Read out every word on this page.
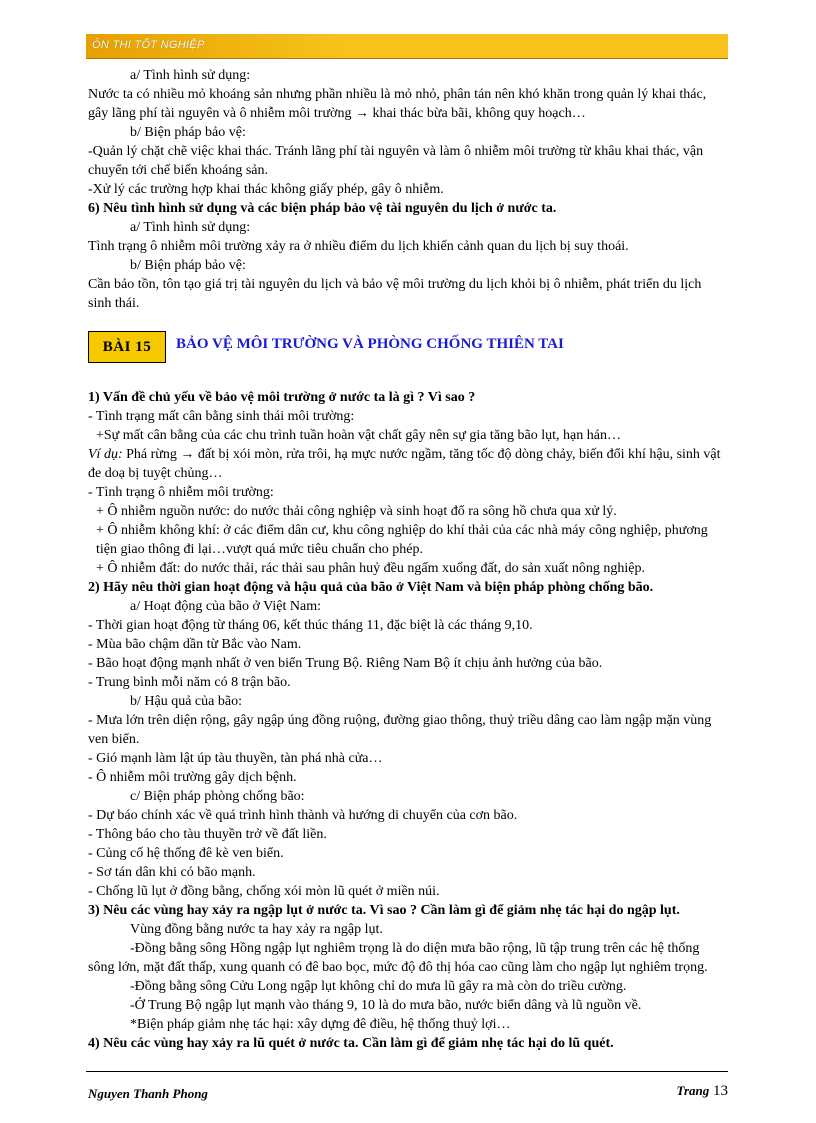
ÔN THI TỐT NGHIỆP

a/ Tình hình sử dụng:

Nước ta có nhiều mỏ khoáng sản nhưng phần nhiều là mỏ nhỏ, phân tán nên khó khăn trong quản lý khai thác, gây lãng phí tài nguyên và ô nhiễm môi trường → khai thác bừa bãi, không quy hoạch…

b/ Biện pháp bảo vệ:

-Quản lý chặt chẽ việc khai thác. Tránh lãng phí tài nguyên và làm ô nhiễm môi trường từ khâu khai thác, vận chuyển tới chế biến khoáng sản.

-Xử lý các trường hợp khai thác không giấy phép, gây ô nhiễm.

6) Nêu tình hình sử dụng và các biện pháp bảo vệ tài nguyên du lịch ở nước ta.

a/ Tình hình sử dụng:

Tình trạng ô nhiễm môi trường xảy ra ở nhiều điểm du lịch khiến cảnh quan du lịch bị suy thoái.

b/ Biện pháp bảo vệ:

Cần bảo tồn, tôn tạo giá trị tài nguyên du lịch và bảo vệ môi trường du lịch khỏi bị ô nhiễm, phát triển du lịch sinh thái.

BÀI 15	BẢO VỆ MÔI TRƯỜNG VÀ PHÒNG CHỐNG THIÊN TAI

1) Vấn đề chủ yếu về bảo vệ môi trường ở nước ta là gì ? Vì sao ?

- Tình trạng mất cân bằng sinh thái môi trường:

+Sự mất cân bằng của các chu trình tuần hoàn vật chất gây nên sự gia tăng bão lụt, hạn hán…

Ví dụ: Phá rừng → đất bị xói mòn, rửa trôi, hạ mực nước ngầm, tăng tốc độ dòng chảy, biến đổi khí hậu, sinh vật đe doạ bị tuyệt chủng…

- Tình trạng ô nhiễm môi trường:

+ Ô nhiễm nguồn nước: do nước thải công nghiệp và sinh hoạt đổ ra sông hồ chưa qua xử lý.

+ Ô nhiễm không khí: ở các điểm dân cư, khu công nghiệp do khí thải của các nhà máy công nghiệp, phương tiện giao thông đi lại…vượt quá mức tiêu chuẩn cho phép.

+ Ô nhiễm đất: do nước thải, rác thải sau phân huỷ đều ngấm xuống đất, do sản xuất nông nghiệp.

2) Hãy nêu thời gian hoạt động và hậu quả của bão ở Việt Nam và biện pháp phòng chống bão.

a/ Hoạt động của bão ở Việt Nam:

- Thời gian hoạt động từ tháng 06, kết thúc tháng 11, đặc biệt là các tháng 9,10.

- Mùa bão chậm dần từ Bắc vào Nam.

- Bão hoạt động mạnh nhất ở ven biển Trung Bộ. Riêng Nam Bộ ít chịu ảnh hưởng của bão.

- Trung bình mỗi năm có 8 trận bão.

b/ Hậu quả của bão:

- Mưa lớn trên diện rộng, gây ngập úng đồng ruộng, đường giao thông, thuỷ triều dâng cao làm ngập mặn vùng ven biển.

- Gió mạnh làm lật úp tàu thuyền, tàn phá nhà cửa…

- Ô nhiễm môi trường gây dịch bệnh.

c/ Biện pháp phòng chống bão:

- Dự báo chính xác về quá trình hình thành và hướng di chuyển của cơn bão.

- Thông báo cho tàu thuyền trở về đất liền.

- Củng cố hệ thống đê kè ven biển.

- Sơ tán dân khi có bão mạnh.

- Chống lũ lụt ở đồng bằng, chống xói mòn lũ quét ở miền núi.

3) Nêu các vùng hay xảy ra ngập lụt ở nước ta. Vì sao ? Cần làm gì để giảm nhẹ tác hại do ngập lụt.

Vùng đồng bằng nước ta hay xảy ra ngập lụt.

-Đồng bằng sông Hồng ngập lụt nghiêm trọng là do diện mưa bão rộng, lũ tập trung trên các hệ thống sông lớn, mặt đất thấp, xung quanh có đê bao bọc, mức độ đô thị hóa cao cũng làm cho ngập lụt nghiêm trọng.

-Đồng bằng sông Cửu Long ngập lụt không chỉ do mưa lũ gây ra mà còn do triều cường.

-Ở Trung Bộ ngập lụt mạnh vào tháng 9, 10 là do mưa bão, nước biển dâng và lũ nguồn về.

*Biện pháp giảm nhẹ tác hại: xây dựng đê điều, hệ thống thuỷ lợi…

4) Nêu các vùng hay xảy ra lũ quét ở nước ta. Cần làm gì để giảm nhẹ tác hại do lũ quét.

Nguyen Thanh Phong	Trang 13
